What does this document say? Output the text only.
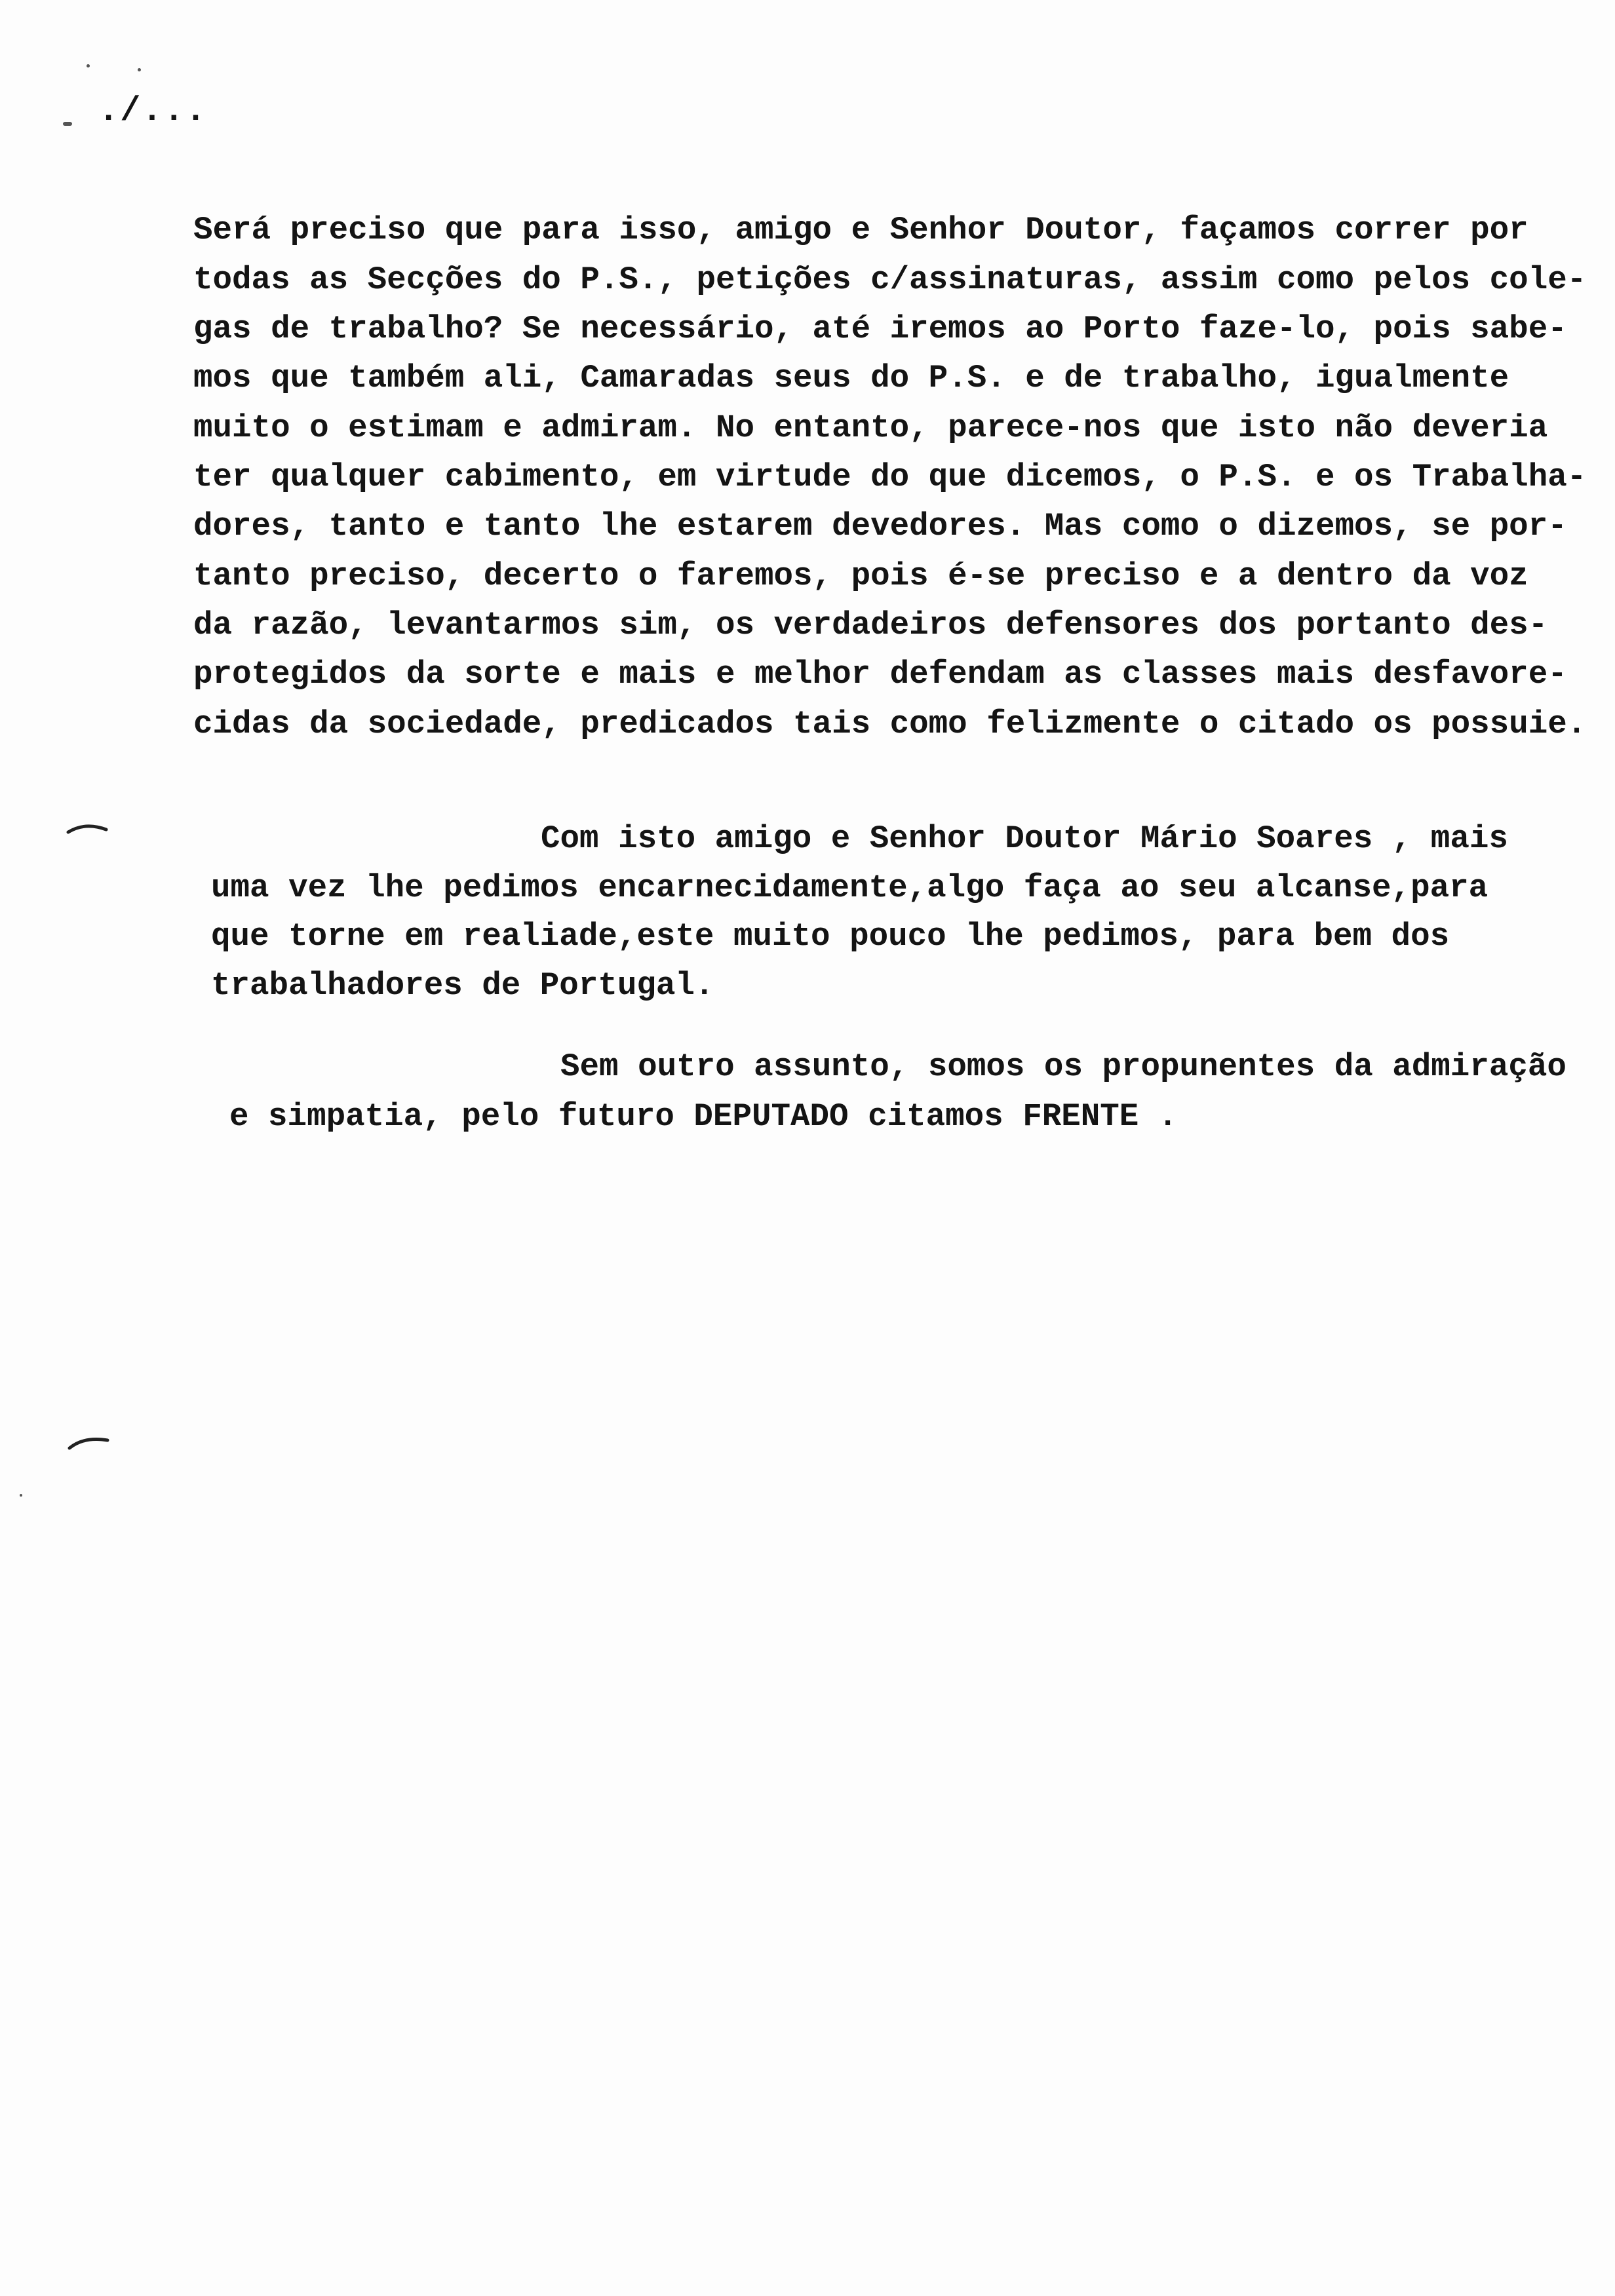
./...
Será preciso que para isso, amigo e Senhor Doutor, façamos correr por
todas as Secções do P.S., petições c/assinaturas, assim como pelos cole-
gas de trabalho? Se necessário, até iremos ao Porto faze-lo, pois sabe-
mos que também ali, Camaradas seus do P.S. e de trabalho, igualmente
muito o estimam e admiram. No entanto, parece-nos que isto não deveria
ter qualquer cabimento, em virtude do que dicemos, o P.S. e os Trabalha-
dores, tanto e tanto lhe estarem devedores. Mas como o dizemos, se por-
tanto preciso, decerto o faremos, pois é-se preciso e a dentro da voz
da razão, levantarmos sim, os verdadeiros defensores dos portanto des-
protegidos da sorte e mais e melhor defendam as classes mais desfavore-
cidas da sociedade, predicados tais como felizmente o citado os possuie.
Com isto amigo e Senhor Doutor Mário Soares , mais
uma vez lhe pedimos encarnecidamente,algo faça ao seu alcanse,para
que torne em realiade,este muito pouco lhe pedimos, para bem dos
trabalhadores de Portugal.
Sem outro assunto, somos os propunentes da admiração
e simpatia, pelo futuro DEPUTADO citamos FRENTE .
